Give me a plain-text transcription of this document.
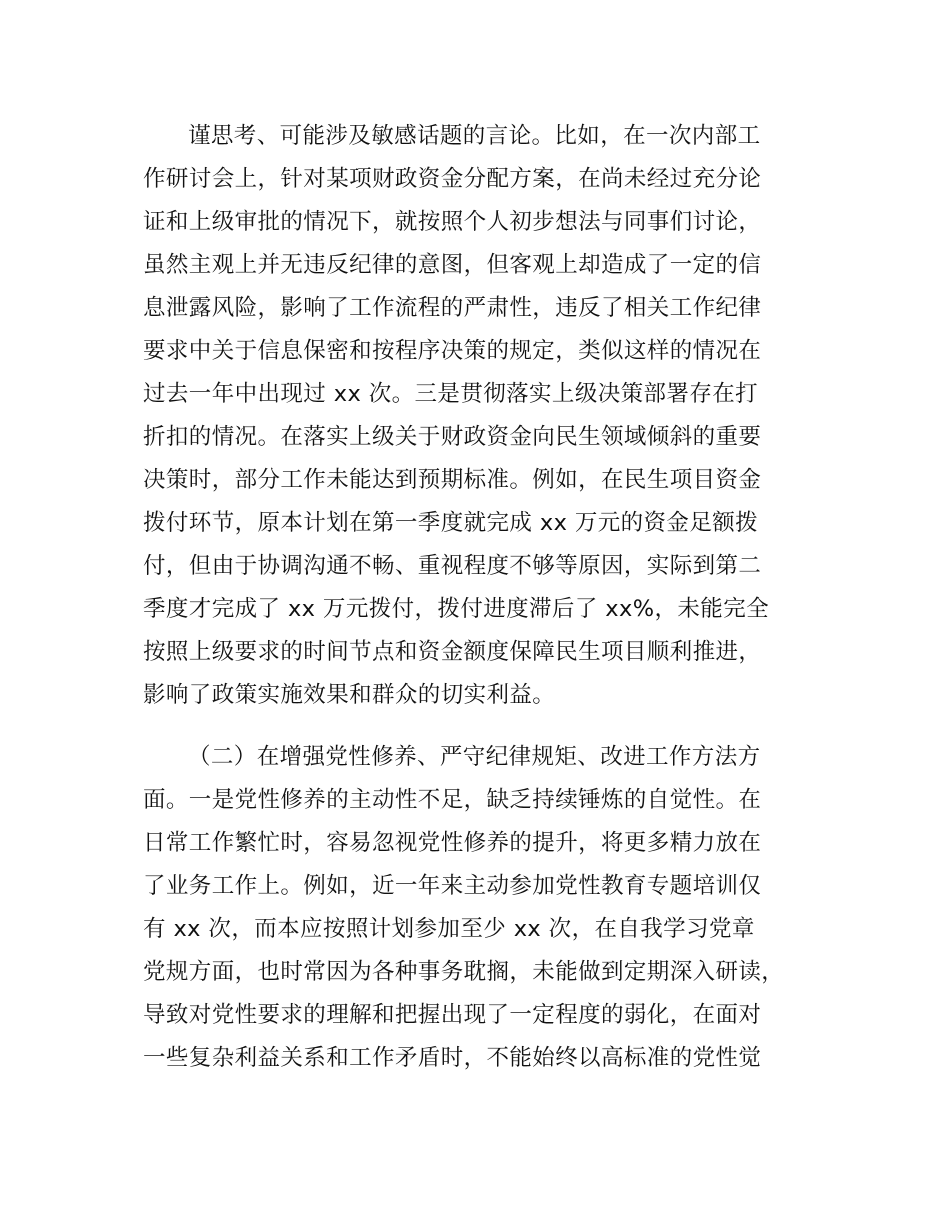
谨思考、可能涉及敏感话题的言论。比如，在一次内部工

作研讨会上，针对某项财政资金分配方案，在尚未经过充分论

证和上级审批的情况下，就按照个人初步想法与同事们讨论，

虽然主观上并无违反纪律的意图，但客观上却造成了一定的信

息泄露风险，影响了工作流程的严肃性，违反了相关工作纪律

要求中关于信息保密和按程序决策的规定，类似这样的情况在

过去一年中出现过 xx 次。三是贯彻落实上级决策部署存在打

折扣的情况。在落实上级关于财政资金向民生领域倾斜的重要

决策时，部分工作未能达到预期标准。例如，在民生项目资金

拨付环节，原本计划在第一季度就完成 xx 万元的资金足额拨

付，但由于协调沟通不畅、重视程度不够等原因，实际到第二

季度才完成了 xx 万元拨付，拨付进度滞后了 xx%，未能完全

按照上级要求的时间节点和资金额度保障民生项目顺利推进，

影响了政策实施效果和群众的切实利益。

（二）在增强党性修养、严守纪律规矩、改进工作方法方

面。一是党性修养的主动性不足，缺乏持续锤炼的自觉性。在

日常工作繁忙时，容易忽视党性修养的提升，将更多精力放在

了业务工作上。例如，近一年来主动参加党性教育专题培训仅

有 xx 次，而本应按照计划参加至少 xx 次，在自我学习党章

党规方面，也时常因为各种事务耽搁，未能做到定期深入研读，

导致对党性要求的理解和把握出现了一定程度的弱化，在面对

一些复杂利益关系和工作矛盾时，不能始终以高标准的党性觉
